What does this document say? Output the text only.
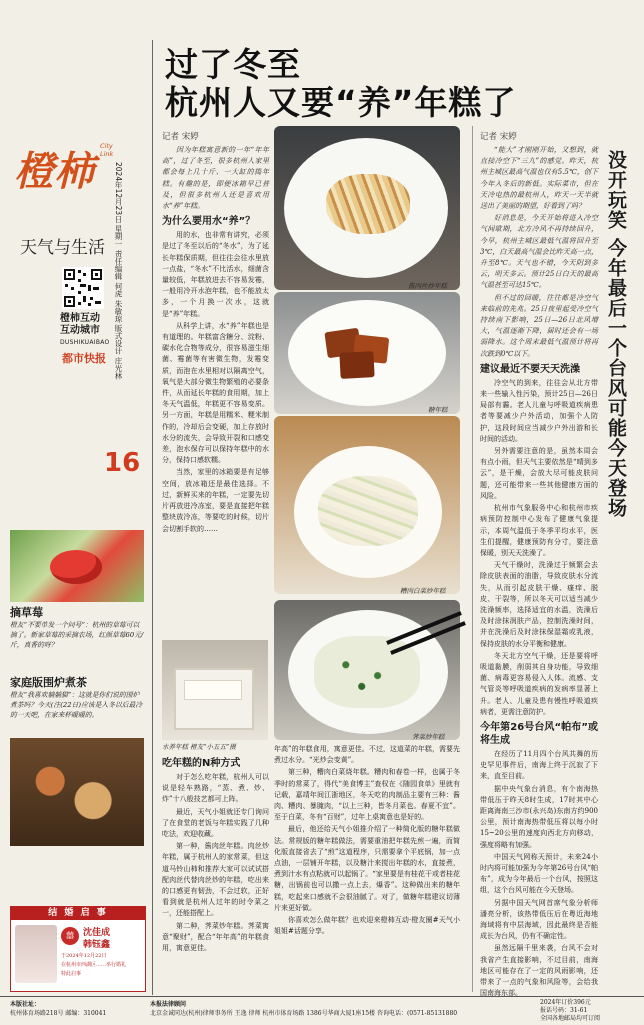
过了冬至
杭州人又要“养”年糕了
橙柿
City Link
天气与生活
橙柿互动互动城市
DUSHIKUAIBAO
都市快报 2024年12月23日 星期一 责任编辑 何虎 朱敏琼 版式设计 庄光林
16
摘草莓
橙友“不要单发一个问号”：杭州的草莓可以摘了。新家草莓的采摘农场，红颜草莓60元/斤，真香的呀？
家庭版围炉煮茶
橙友“我喜欢躺躺猫”：这就是你们说的围炉煮茶吗？今天(注(22日)应该是入冬以后最冷的一天吧，在家来杯暖暖的。
结 婚 启 事
囍	沈佳成
韩钰鑫
于2024年12月22日
在杭州市西湖区……举行婚礼
特此启事
记者 宋婷	记者 宋婷

因为年糕寓意新的一年“年年高”，过了冬至，很多杭州人家里都会每上几十斤、一大缸的捣年糕。有趣的是，即便冰箱早已普及，但很多杭州人还是喜欢用水“养”年糕。

为什么要用水“养”？

用的水，也非常有讲究，必须是过了冬至以后的“冬水”，为了延长年糕保质期，但往往会往水里放一点盐，“冬水”不比活水，细菌含量较低，年糕放进去不容易发霉，一般用冷开水泡年糕，也不能放太多，一个月换一次水，这就是“养”年糕。

从科学上讲，水“养”年糕也是有道理的。年糕富含糖分、淀粉、碳水化合物等成分，很容易滋生细菌、霉菌等有害微生物，发霉变质，而泡在水里相对以隔离空气，氧气是大部分微生物繁殖的必要条件，从而延长年糕的食用期，加上冬天气温低，年糕更不容易变质。另一方面，年糕是用糯米、粳米制作的，冷却后会变硬，加上存放时水分的流失，会导致开裂和口感变差，泡水保存可以保持年糕中的水分，保持口感软糯。

当然，家里的冰箱要是有足够空间，放冰箱还是最佳选择。不过，新鲜买来的年糕，一定要先切片再放进冷冻室，要是直接把年糕整块放冷冻，等要吃的时候，切片会切割手软的……

水养年糕 橙友“小五五”摄
吃年糕的N种方式

对于怎么吃年糕，杭州人可以说是轻车熟路，“蒸、煮、炒、炸”十八般技艺都可上阵。

最近，天气小姐就还专门询问了在食堂的老饭与年糕实践了几种吃法，欢迎收藏。

第一种，酱肉丝年糕。肉丝炒年糕，属于杭州人的家常菜，但这道马铃山柿和推荐大家可以试试搭配肉丝代替肉丝炒的年糕，吃出来的口感更有韧劲，不会过软，正好看到就是杭州人过年的时令菜之一，还能搭配上。

第二种，荠菜炒年糕。荠菜寓意“聚财”，配合“年年高”的年糕食用，寓意更佳。

酱肉丝炒年糕
糖年糕
糟肉白菜炒年糕
荠菜炒年糕

年高”的年糕食用，寓意更佳。不过，这道菜的年糕，需要先煮过水分。“光炒会变黄”。

第三种，糟肉白菜烧年糕。糟肉和春卷一样，也属于冬季时的常菜了，得代“美食博主”查权在《随园食单》里就有记载，嘉靖年间江浙地区，冬天吃的肉制品主要有三种：酱肉、糟肉、暴腌肉，“以上三种，皆冬月菜也。春夏不宜”。至于白菜，冬有“百财”，过年上桌寓意也是好的。

最后，他还给天气小姐推介绍了一种简化版的糖年糕做法。常规版的糖年糕做法，需要重油把年糕先煎一遍，而简化版直接省去了“煎”这道程序，只需要拿个平底锅，加一点点油，一层铺开年糕，以及糖汁来搅出年糕的水，直接煮，煮到汁水有点粘就可以起锅了。“家里要是有桂花干或者桂花糖，出锅前也可以撒一点上去，爆香”。这种做出来的糖年糕，吃起来口感就不会很油腻了。对了，做糖年糕建议切薄片来更好做。

你喜欢怎么做年糕？也欢迎来橙柿互动·橙友圈#天气小姐姐#话题分享。

没开玩笑 今年最后一个台风可能今天登场

“能大”才刚刚开始，又想到，就直接冷空下“三九”的感觉。昨天，杭州主城区最高气温也仅有5.5℃，创下今年入冬后的新低。实际菜市，但在天冷电热的最杭州人，昨天一天半就送出了美丽的期望，好看到了吗？

好消息是，今天开始将进入冷空气间歇期，北方冷风不再持续回升，今早，杭州主城区最低气温将回升至3℃，白天最高气温会比昨天高一点，升至8℃。天气也不错，今天阴到多云，明天多云。预计25日白天的最高气温甚至可达15℃。

但不过的回暖，往往都是冷空气来临前的先兆。25日夜里起受冷空气持续南下影响，25日—26日北风增大，气温逐渐下降，届时还会有一场弱降水。这个周末最低气温预计将再次跌到0℃以下。

建议最近不要天天洗澡

冷空气的到来，往往会从北方带来一些输入性污染，预计25日—26日局部有霾。老人儿童与呼吸道疾病患者等要减少户外活动，加强个人防护，这段时间应当减少户外出游和长时间的活动。

另外需要注意的是，虽然本周会有点小雨，但天气主要依然是“晴到多云”，是干燥，会放大尽可能皮肤问题，还可能带来一些其他健康方面的风险。

杭州市气象服务中心和杭州市疾病预防控制中心发布了健康气象提示，本周气温低于冬季平均水平，医生们提醒，健康预防有分寸，要注意保暖，别天天洗澡了。

天气干燥时，洗澡过于频繁会去除皮肤表面的油脂，导致皮肤水分流失，从而引起皮肤干燥、瘙痒、脱皮、干裂等，所以冬天可以适当减少洗澡频率，选择适宜的水温，洗澡后及时涂抹润肤产品，控制洗澡时间，并在洗澡后及时涂抹保湿霜或乳液，保持皮肤的水分平衡和健康。

冬天北方空气干燥，还是要将呼吸道黏膜，削弱其自身功能，导致细菌、病毒更容易侵入人体。流感、支气管炎等呼吸道疾病的发病率显著上升。老人、儿童及患有慢性呼吸道疾病者，更需注意防护。

今年第26号台风“帕布”或将生成

在经历了11月四个台风共舞的历史罕见事件后，南海上终于沉寂了下来，直至目前。

据中央气象台消息，有个南海热带低压于昨天8时生成，17时其中心距离海南三沙市(永兴岛)东南方约900公里，预计南海热带低压将以每小时15~20公里的速度向西北方向移动，强度将略有加强。

中国天气网称天预计，未来24小时内将可能加强为今年第26号台风“帕布”，成为今年最后一个台风，按照这组，这个台风可能在今天登场。

另据中国天气网首席气象分析师潘亮分析，该热带低压后在粤近海地海域将有中层海域，因此最终是否能成长为台风，仍有不确定性。

虽然远隔千里来袭，台风不会对我省产生直接影响，不过目前，南海地区可能存在了一定的风雨影响，还带来了一点的气象和风险等，会给我国南海东部。

本版社址：
杭州体育场路218号 邮编：310041
本报法律顾问
北京金诚同达(杭州)律师事务所 王逸 律师 杭州市体育场路 1386号华商大厦1座15楼 咨询电话：(0571-85131880
2024年订价396元
报话号码：31-61
全国各地邮局均可订阅
